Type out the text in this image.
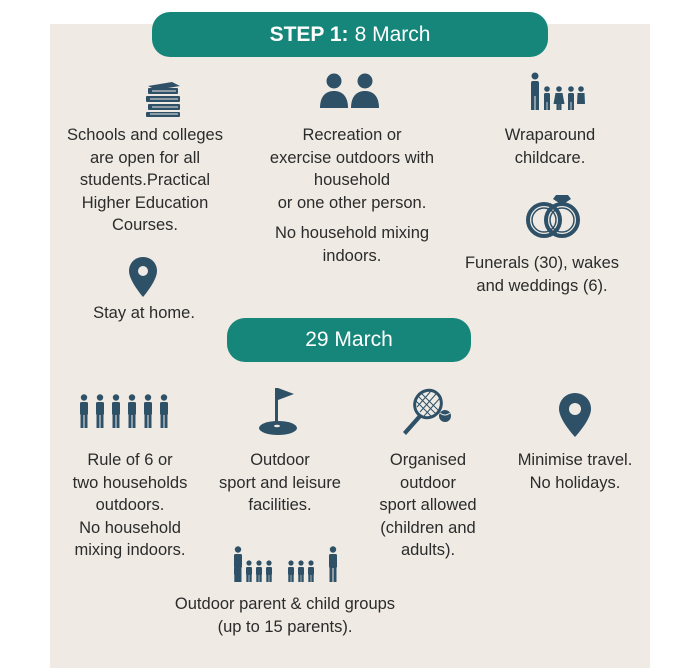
STEP 1: 8 March
Schools and colleges
are open for all
students.Practical
Higher Education
Courses.
Recreation or
exercise outdoors with
household
or one other person.
No household mixing
indoors.
Wraparound
childcare.
Funerals (30), wakes
and weddings (6).
Stay at home.
29 March
Rule of 6 or
two households
outdoors.
No household
mixing indoors.
Outdoor
sport and leisure
facilities.
Organised
outdoor
sport allowed
(children and
adults).
Minimise travel.
No holidays.
Outdoor parent & child groups
(up to 15 parents).
